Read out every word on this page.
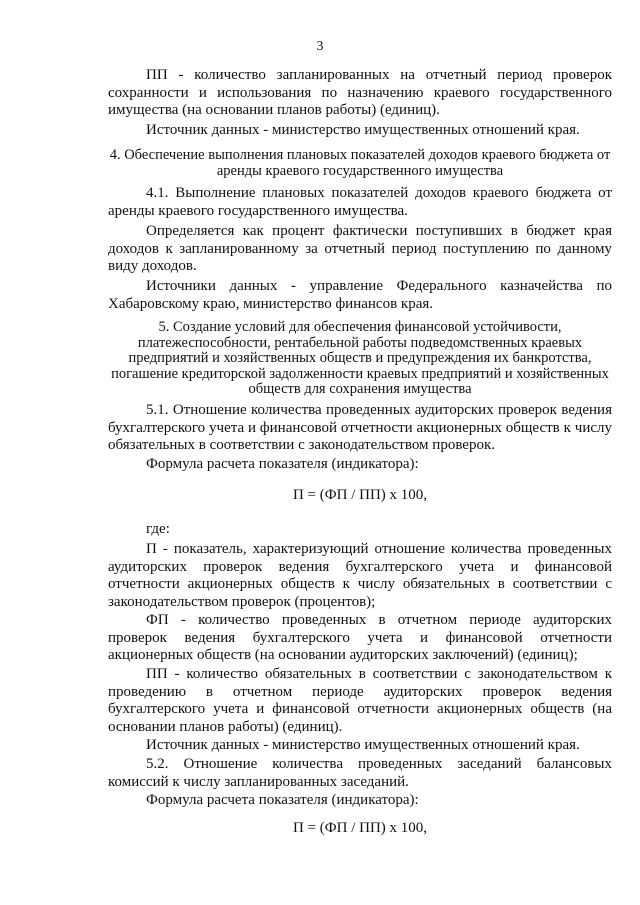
3

ПП - количество запланированных на отчетный период проверок сохранности и использования по назначению краевого государственного имущества (на основании планов работы) (единиц).

Источник данных - министерство имущественных отношений края.

4. Обеспечение выполнения плановых показателей доходов краевого бюджета от аренды краевого государственного имущества

4.1. Выполнение плановых показателей доходов краевого бюджета от аренды краевого государственного имущества.

Определяется как процент фактически поступивших в бюджет края доходов к запланированному за отчетный период поступлению по данному виду доходов.

Источники данных - управление Федерального казначейства по Хабаровскому краю, министерство финансов края.

5. Создание условий для обеспечения финансовой устойчивости, платежеспособности, рентабельной работы подведомственных краевых предприятий и хозяйственных обществ и предупреждения их банкротства, погашение кредиторской задолженности краевых предприятий и хозяйственных обществ для сохранения имущества

5.1. Отношение количества проведенных аудиторских проверок ведения бухгалтерского учета и финансовой отчетности акционерных обществ к числу обязательных в соответствии с законодательством проверок.

Формула расчета показателя (индикатора):

П = (ФП / ПП) x 100,

где:

П - показатель, характеризующий отношение количества проведенных аудиторских проверок ведения бухгалтерского учета и финансовой отчетности акционерных обществ к числу обязательных в соответствии с законодательством проверок (процентов);

ФП - количество проведенных в отчетном периоде аудиторских проверок ведения бухгалтерского учета и финансовой отчетности акционерных обществ (на основании аудиторских заключений) (единиц);

ПП - количество обязательных в соответствии с законодательством к проведению в отчетном периоде аудиторских проверок ведения бухгалтерского учета и финансовой отчетности акционерных обществ (на основании планов работы) (единиц).

Источник данных - министерство имущественных отношений края.

5.2. Отношение количества проведенных заседаний балансовых комиссий к числу запланированных заседаний.

Формула расчета показателя (индикатора):

П = (ФП / ПП) x 100,
